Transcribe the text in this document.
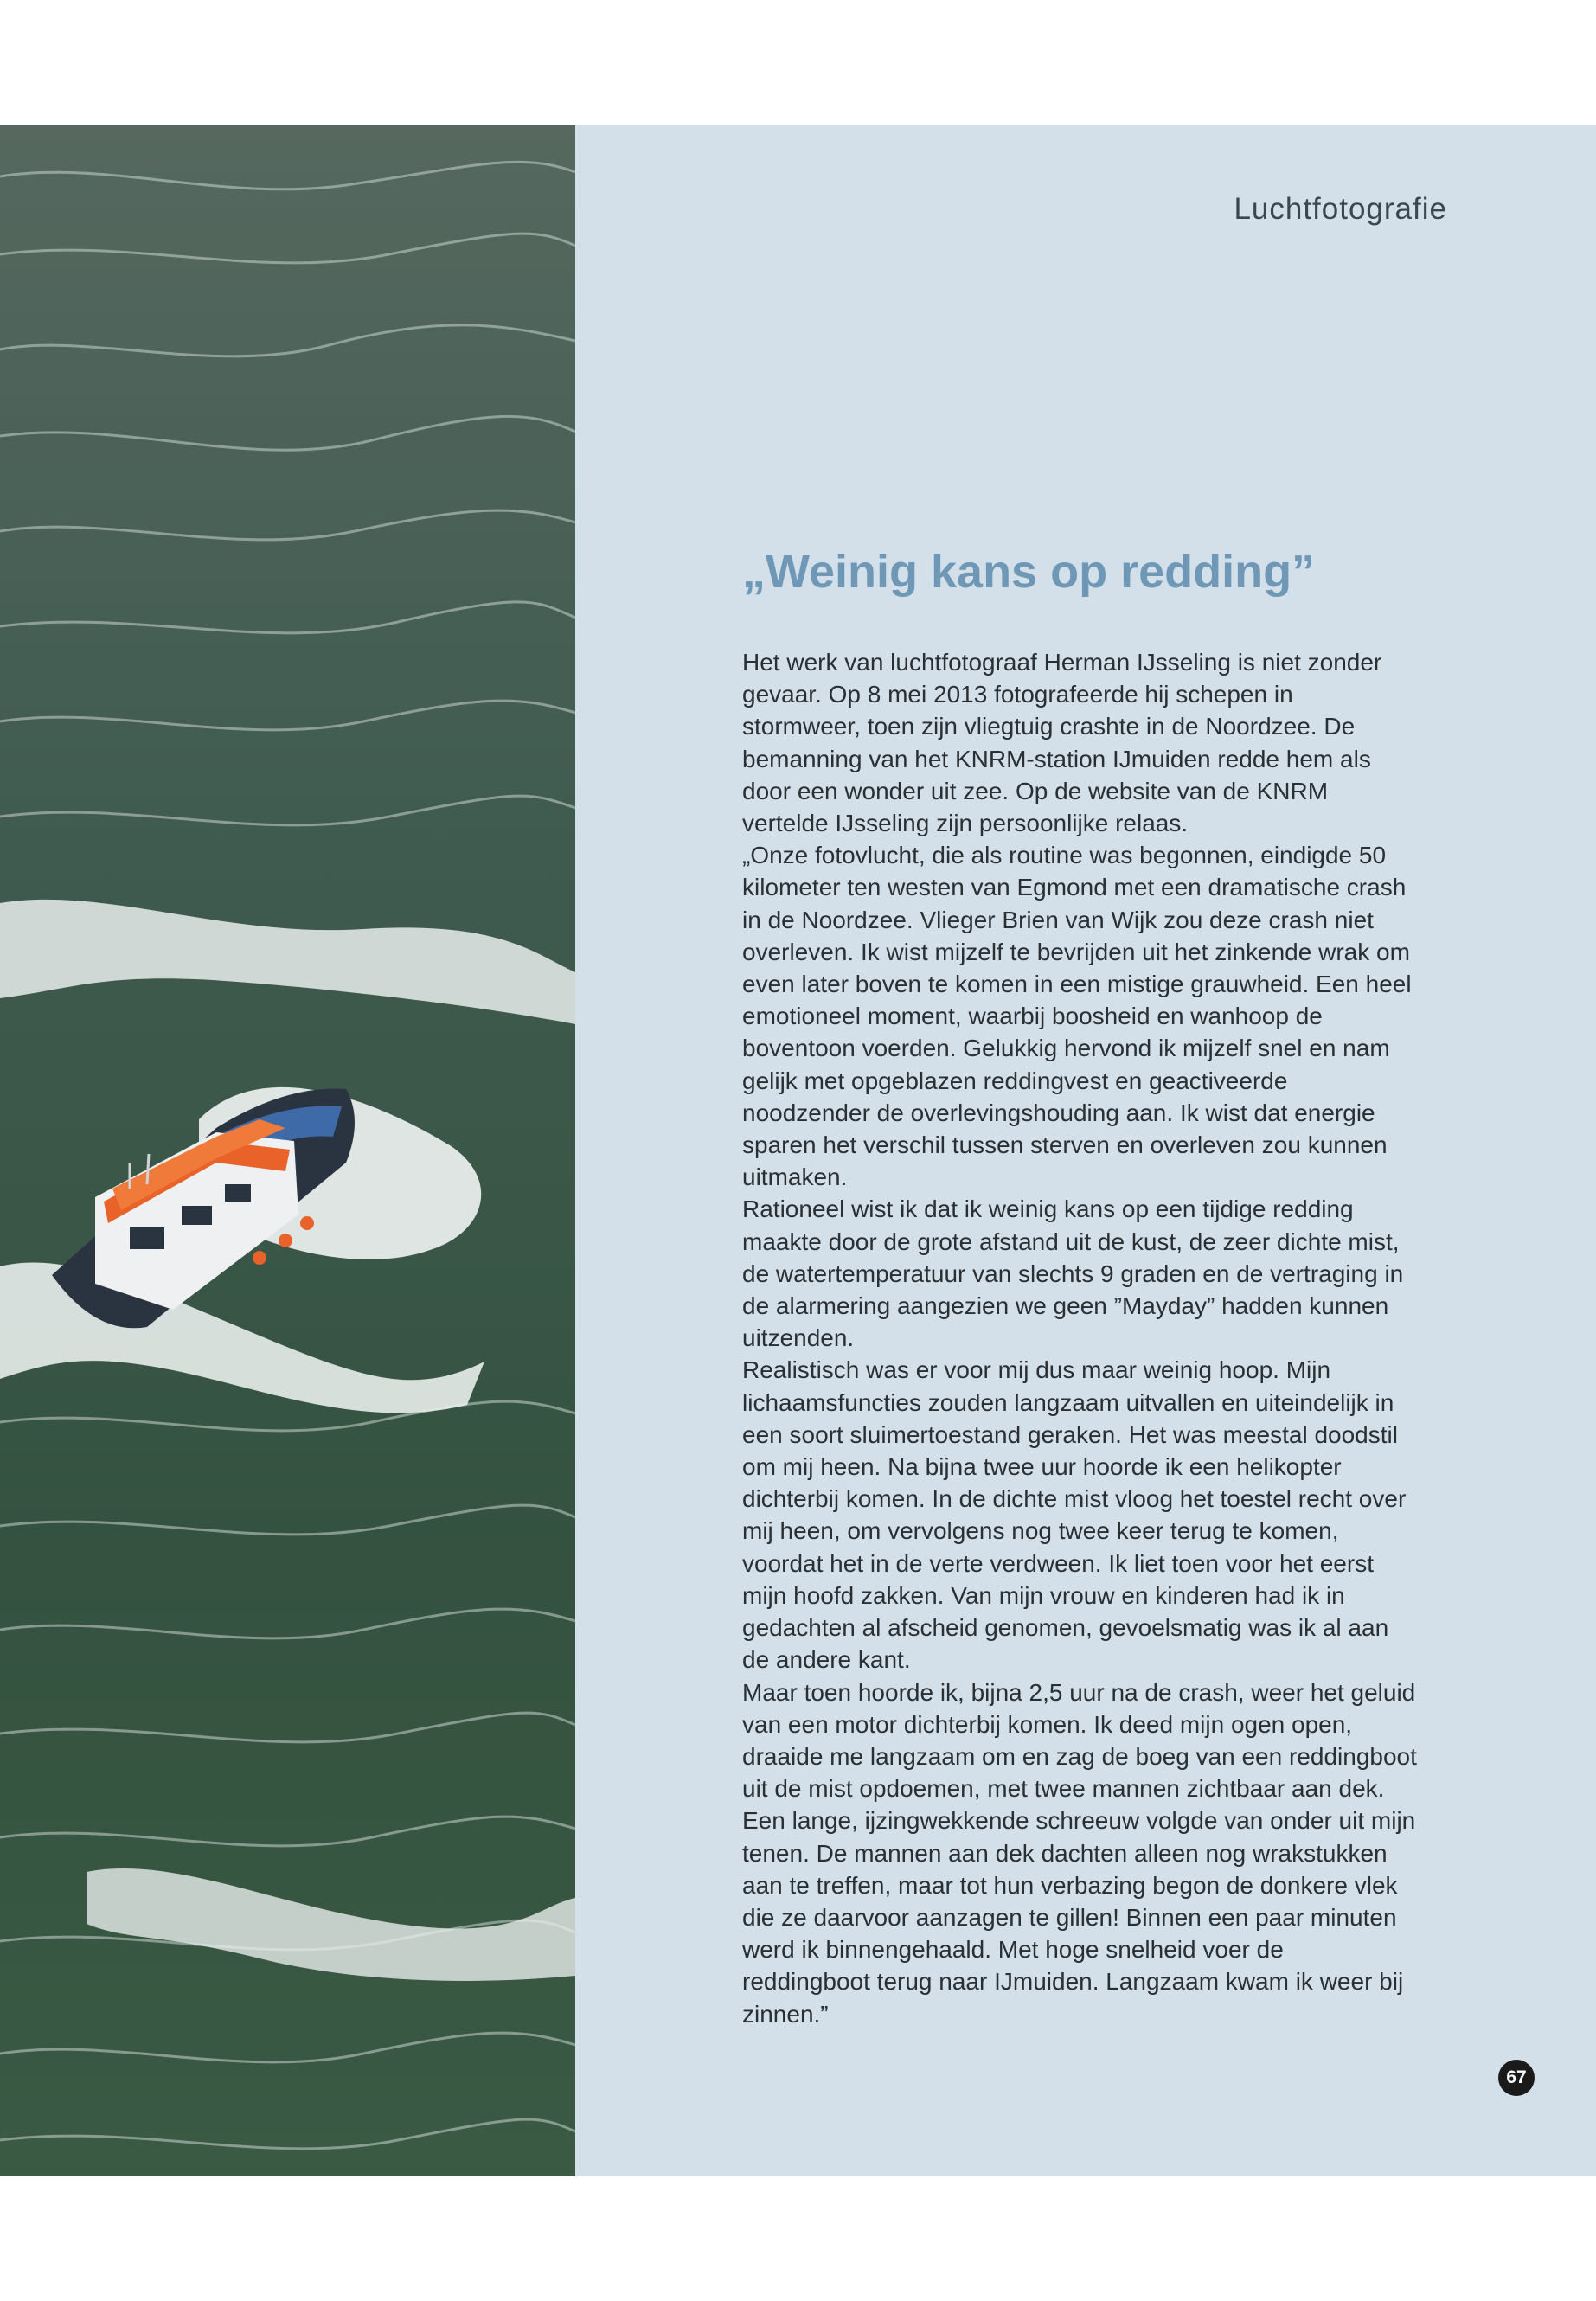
Luchtfotografie
„Weinig kans op redding”

Het werk van luchtfotograaf Herman IJsseling is niet zonder gevaar. Op 8 mei 2013 fotografeerde hij schepen in stormweer, toen zijn vliegtuig crashte in de Noordzee. De bemanning van het KNRM-station IJmuiden redde hem als door een wonder uit zee. Op de website van de KNRM vertelde IJsseling zijn persoonlijke relaas.

„Onze fotovlucht, die als routine was begonnen, eindigde 50 kilometer ten westen van Egmond met een dramatische crash in de Noordzee. Vlieger Brien van Wijk zou deze crash niet overleven. Ik wist mijzelf te bevrijden uit het zinkende wrak om even later boven te komen in een mistige grauwheid. Een heel emotioneel moment, waarbij boosheid en wanhoop de boventoon voerden. Gelukkig hervond ik mijzelf snel en nam gelijk met opgeblazen reddingvest en geactiveerde noodzender de overlevingshouding aan. Ik wist dat energie sparen het verschil tussen sterven en overleven zou kunnen uitmaken.

Rationeel wist ik dat ik weinig kans op een tijdige redding maakte door de grote afstand uit de kust, de zeer dichte mist, de watertemperatuur van slechts 9 graden en de vertraging in de alarmering aangezien we geen ”Mayday” hadden kunnen uitzenden.

Realistisch was er voor mij dus maar weinig hoop. Mijn lichaamsfuncties zouden langzaam uitvallen en uiteindelijk in een soort sluimertoestand geraken. Het was meestal doodstil om mij heen. Na bijna twee uur hoorde ik een helikopter dichterbij komen. In de dichte mist vloog het toestel recht over mij heen, om vervolgens nog twee keer terug te komen, voordat het in de verte verdween. Ik liet toen voor het eerst mijn hoofd zakken. Van mijn vrouw en kinderen had ik in gedachten al afscheid genomen, gevoelsmatig was ik al aan de andere kant.

Maar toen hoorde ik, bijna 2,5 uur na de crash, weer het geluid van een motor dichterbij komen. Ik deed mijn ogen open, draaide me langzaam om en zag de boeg van een reddingboot uit de mist opdoemen, met twee mannen zichtbaar aan dek. Een lange, ijzingwekkende schreeuw volgde van onder uit mijn tenen. De mannen aan dek dachten alleen nog wrakstukken aan te treffen, maar tot hun verbazing begon de donkere vlek die ze daarvoor aanzagen te gillen! Binnen een paar minuten werd ik binnengehaald. Met hoge snelheid voer de reddingboot terug naar IJmuiden. Langzaam kwam ik weer bij zinnen.”

67
